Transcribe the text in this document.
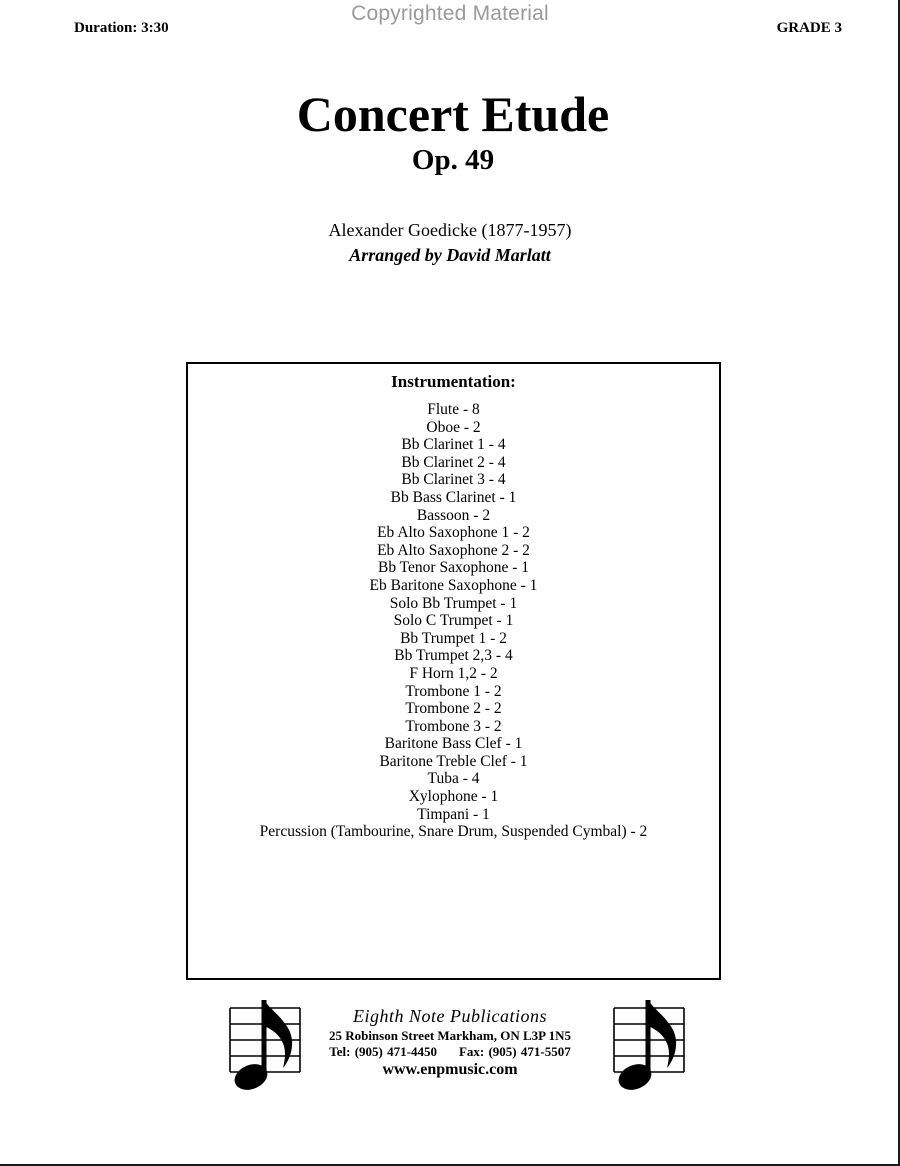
Copyrighted Material
Duration: 3:30	GRADE 3
Concert Etude
Op. 49
Alexander Goedicke (1877-1957)
Arranged by David Marlatt
Instrumentation:
Flute - 8
Oboe - 2
Bb Clarinet 1 - 4
Bb Clarinet 2 - 4
Bb Clarinet 3 - 4
Bb Bass Clarinet - 1
Bassoon - 2
Eb Alto Saxophone 1 - 2
Eb Alto Saxophone 2 - 2
Bb Tenor Saxophone - 1
Eb Baritone Saxophone - 1
Solo Bb Trumpet - 1
Solo C Trumpet - 1
Bb Trumpet 1 - 2
Bb Trumpet 2,3 - 4
F Horn 1,2 - 2
Trombone 1 - 2
Trombone 2 - 2
Trombone 3 - 2
Baritone Bass Clef - 1
Baritone Treble Clef - 1
Tuba - 4
Xylophone - 1
Timpani - 1
Percussion (Tambourine, Snare Drum, Suspended Cymbal) - 2
Eighth Note Publications
25 Robinson Street Markham, ON L3P 1N5
Tel: (905) 471-4450 Fax: (905) 471-5507
www.enpmusic.com
